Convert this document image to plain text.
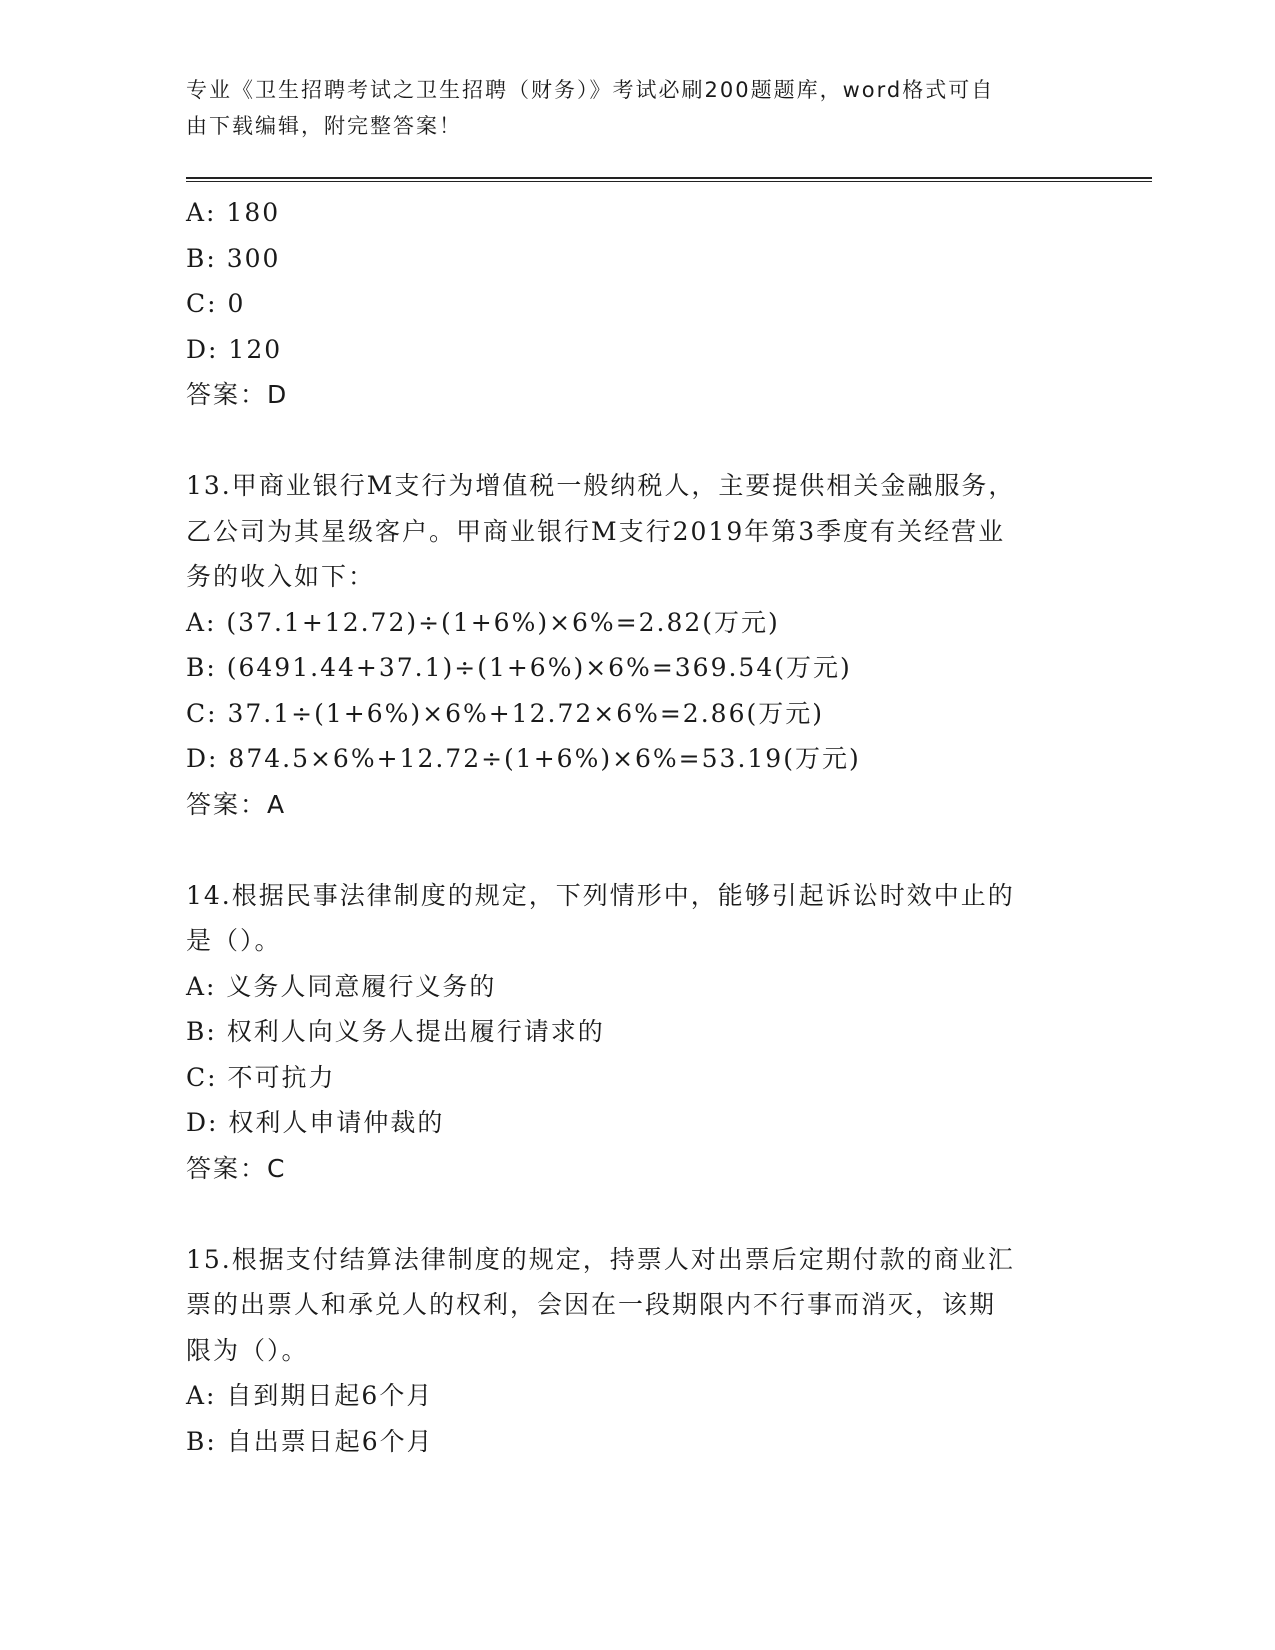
专业《卫生招聘考试之卫生招聘（财务）》考试必刷200题题库，word格式可自
由下载编辑，附完整答案！
A: 180
B: 300
C: 0
D: 120
答案：D
13.甲商业银行M支行为增值税一般纳税人，主要提供相关金融服务，
乙公司为其星级客户。甲商业银行M支行2019年第3季度有关经营业
务的收入如下：
A: (37.1+12.72)÷(1+6%)×6%=2.82(万元)
B: (6491.44+37.1)÷(1+6%)×6%=369.54(万元)
C: 37.1÷(1+6%)×6%+12.72×6%=2.86(万元)
D: 874.5×6%+12.72÷(1+6%)×6%=53.19(万元)
答案：A
14.根据民事法律制度的规定，下列情形中，能够引起诉讼时效中止的
是（）。
A: 义务人同意履行义务的
B: 权利人向义务人提出履行请求的
C: 不可抗力
D: 权利人申请仲裁的
答案：C
15.根据支付结算法律制度的规定，持票人对出票后定期付款的商业汇
票的出票人和承兑人的权利，会因在一段期限内不行事而消灭，该期
限为（）。
A: 自到期日起6个月
B: 自出票日起6个月
